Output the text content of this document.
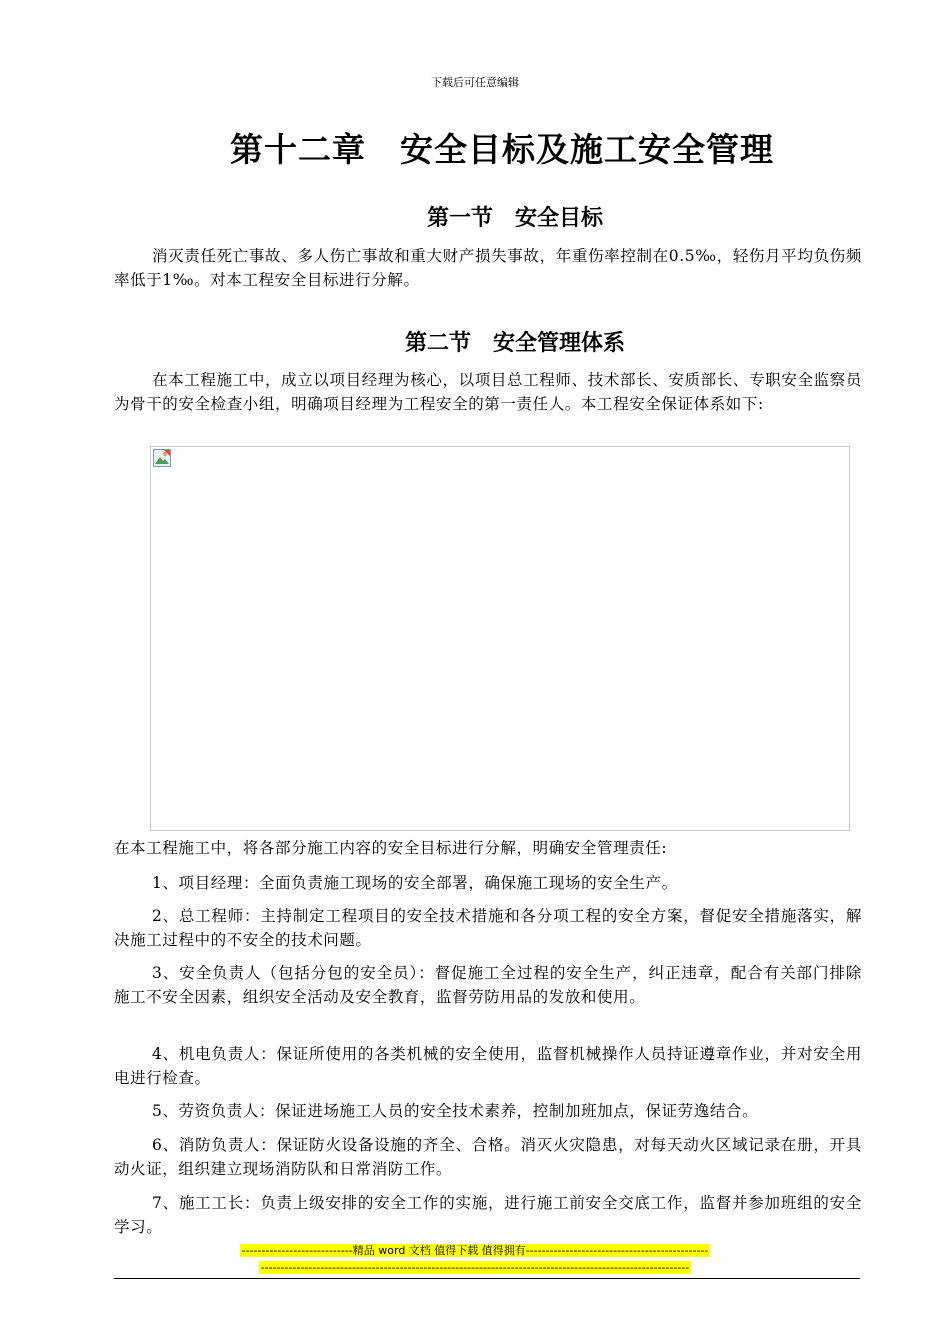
下载后可任意编辑
第十二章　安全目标及施工安全管理
第一节　安全目标
消灭责任死亡事故、多人伤亡事故和重大财产损失事故，年重伤率控制在0.5‰，轻伤月平均负伤频率低于1‰。对本工程安全目标进行分解。
第二节　安全管理体系
在本工程施工中，成立以项目经理为核心，以项目总工程师、技术部长、安质部长、专职安全监察员为骨干的安全检查小组，明确项目经理为工程安全的第一责任人。本工程安全保证体系如下:
在本工程施工中，将各部分施工内容的安全目标进行分解，明确安全管理责任:
1、项目经理：全面负责施工现场的安全部署，确保施工现场的安全生产。
2、总工程师：主持制定工程项目的安全技术措施和各分项工程的安全方案，督促安全措施落实，解决施工过程中的不安全的技术问题。
3、安全负责人（包括分包的安全员）：督促施工全过程的安全生产，纠正违章，配合有关部门排除施工不安全因素，组织安全活动及安全教育，监督劳防用品的发放和使用。
4、机电负责人：保证所使用的各类机械的安全使用，监督机械操作人员持证遵章作业，并对安全用电进行检查。
5、劳资负责人：保证进场施工人员的安全技术素养，控制加班加点，保证劳逸结合。
6、消防负责人：保证防火设备设施的齐全、合格。消灭火灾隐患，对每天动火区域记录在册，开具动火证，组织建立现场消防队和日常消防工作。
7、施工工长：负责上级安排的安全工作的实施，进行施工前安全交底工作，监督并参加班组的安全学习。
----------------------------精品 word 文档 值得下载 值得拥有----------------------------------------------
------------------------------------------------------------------------------------------------------------
